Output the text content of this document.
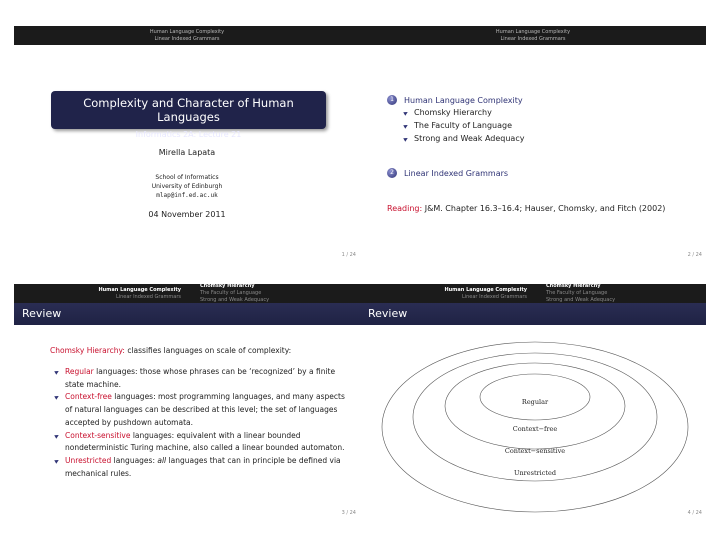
Human Language Complexity
Linear Indexed Grammars
Complexity and Character of Human Languages
Informatics 2A: Lecture 21
Mirella Lapata
School of Informatics
University of Edinburgh
mlap@inf.ed.ac.uk
04 November 2011
1 / 24
Human Language Complexity
Linear Indexed Grammars
1	Human Language Complexity
Chomsky Hierarchy
The Faculty of Language
Strong and Weak Adequacy
2	Linear Indexed Grammars
Reading: J&M. Chapter 16.3–16.4; Hauser, Chomsky, and Fitch (2002)
2 / 24
Human Language Complexity
Linear Indexed Grammars
Chomsky Hierarchy
The Faculty of Language
Strong and Weak Adequacy
Review
Chomsky Hierarchy: classifies languages on scale of complexity:
Regular languages: those whose phrases can be ‘recognized’ by a finite state machine.
Context-free languages: most programming languages, and many aspects of natural languages can be described at this level; the set of languages accepted by pushdown automata.
Context-sensitive languages: equivalent with a linear bounded nondeterministic Turing machine, also called a linear bounded automaton.
Unrestricted languages: all languages that can in principle be defined via mechanical rules.
3 / 24
Human Language Complexity
Linear Indexed Grammars
Chomsky Hierarchy
The Faculty of Language
Strong and Weak Adequacy
Review
Regular
Context−free
Context−sensitive
Unrestricted
4 / 24
